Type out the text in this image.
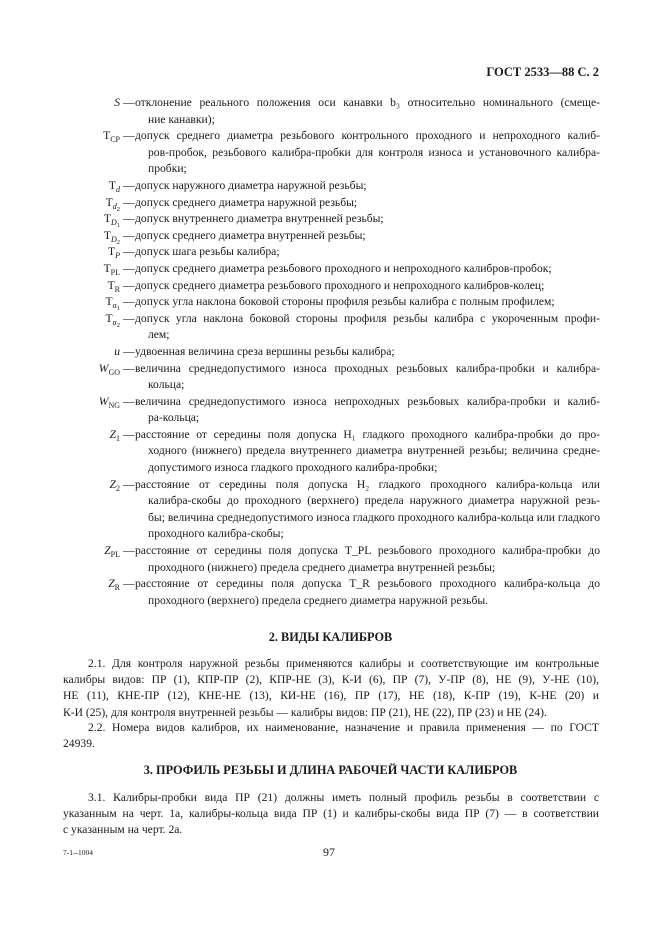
ГОСТ 2533—88 С. 2
S — отклонение реального положения оси канавки b₃ относительно номинального (смеще-
ние канавки);
$T_{CP}$ — допуск среднего диаметра резьбового контрольного проходного и непроходного калиб-
ров-пробок, резьбового калибра-пробки для контроля износа и установочного калибра-
пробки;
$T_d$ — допуск наружного диаметра наружной резьбы;
$T_{d_2}$
— допуск среднего диаметра наружной резьбы;
$T_{D_1}$
— допуск внутреннего диаметра внутренней резьбы;
$T_{D_2}$
— допуск среднего диаметра внутренней резьбы;
$T_P$ — допуск шага резьбы калибра;
$T_{PL}$ — допуск среднего диаметра резьбового проходного и непроходного калибров-пробок;
$T_R$ — допуск среднего диаметра резьбового проходного и непроходного калибров-колец;
$T_{\alpha_1}$
— допуск угла наклона боковой стороны профиля резьбы калибра с полным профилем;
$T_{\alpha_2}$
— допуск угла наклона боковой стороны профиля резьбы калибра с укороченным профи-
лем;
u — удвоенная величина среза вершины резьбы калибра;
$W_{GO}$ — величина среднедопустимого износа проходных резьбовых калибра-пробки и калибра-
кольца;
$W_{NG}$ — величина среднедопустимого износа непроходных резьбовых калибра-пробки и калиб-
ра-кольца;
$Z_1$ — расстояние от середины поля допуска H₁ гладкого проходного калибра-пробки до про-
ходного (нижнего) предела внутреннего диаметра внутренней резьбы; величина средне-
допустимого износа гладкого проходного калибра-пробки;
$Z_2$ — расстояние от середины поля допуска H₂ гладкого проходного калибра-кольца или
калибра-скобы до проходного (верхнего) предела наружного диаметра наружной резь-
бы; величина среднедопустимого износа гладкого проходного калибра-кольца или гладкого
проходного калибра-скобы;
$Z_{PL}$ — расстояние от середины поля допуска T_PL резьбового проходного калибра-пробки до
проходного (нижнего) предела среднего диаметра внутренней резьбы;
$Z_R$ — расстояние от середины поля допуска T_R резьбового проходного калибра-кольца до
проходного (верхнего) предела среднего диаметра наружной резьбы.
2. ВИДЫ КАЛИБРОВ
2.1. Для контроля наружной резьбы применяются калибры и соответствующие им контрольные
калибры видов: ПР (1), КПР-ПР (2), КПР-НЕ (3), К-И (6), ПР (7), У-ПР (8), НЕ (9), У-НЕ (10),
НЕ (11), КНЕ-ПР (12), КНЕ-НЕ (13), КИ-НЕ (16), ПР (17), НЕ (18), К-ПР (19), К-НЕ (20) и
К-И (25), для контроля внутренней резьбы — калибры видов: ПР (21), НЕ (22), ПР (23) и НЕ (24).
2.2. Номера видов калибров, их наименование, назначение и правила применения — по ГОСТ
24939.
3. ПРОФИЛЬ РЕЗЬБЫ И ДЛИНА РАБОЧЕЙ ЧАСТИ КАЛИБРОВ
3.1. Калибры-пробки вида ПР (21) должны иметь полный профиль резьбы в соответствии с
указанным на черт. 1а, калибры-кольца вида ПР (1) и калибры-скобы вида ПР (7) — в соответствии
с указанным на черт. 2а.
7-1--1004	97
